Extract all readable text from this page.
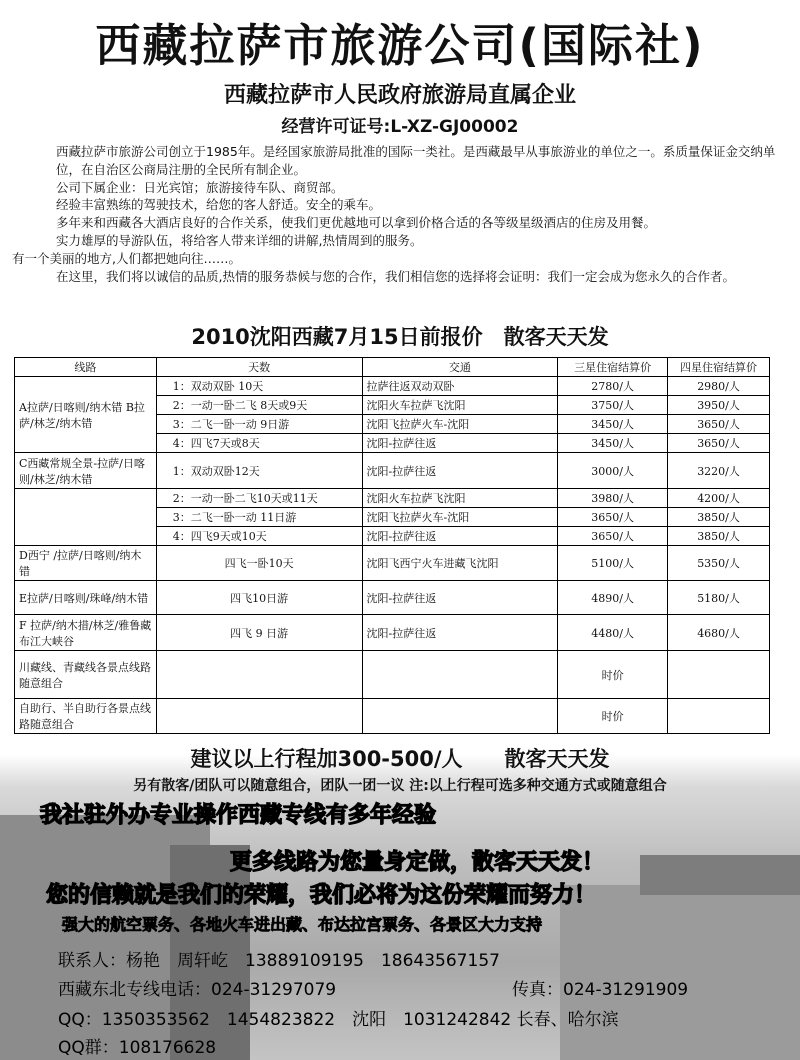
西藏拉萨市旅游公司(国际社)
西藏拉萨市人民政府旅游局直属企业
经营许可证号:L-XZ-GJ00002

西藏拉萨市旅游公司创立于1985年。是经国家旅游局批准的国际一类社。是西藏最早从事旅游业的单位之一。系质量保证金交纳单位，在自治区公商局注册的全民所有制企业。

公司下属企业：日光宾馆；旅游接待车队、商贸部。

经验丰富熟练的驾驶技术，给您的客人舒适。安全的乘车。

多年来和西藏各大酒店良好的合作关系，使我们更优越地可以拿到价格合适的各等级星级酒店的住房及用餐。

实力雄厚的导游队伍，将给客人带来详细的讲解,热情周到的服务。

有一个美丽的地方,人们都把她向往……。

在这里，我们将以诚信的品质,热情的服务恭候与您的合作，我们相信您的选择将会证明：我们一定会成为您永久的合作者。

2010沈阳西藏7月15日前报价　散客天天发
线路	天数	交通	三星住宿结算价	四星住宿结算价
A拉萨/日喀则/纳木错 B拉萨/林芝/纳木错	1：双动双卧 10天	拉萨往返双动双卧	2780/人	2980/人
	2：一动一卧二飞 8天或9天	沈阳火车拉萨飞沈阳	3750/人	3950/人
	3：二飞一卧一动 9日游	沈阳飞拉萨火车-沈阳	3450/人	3650/人
	4：四飞7天或8天	沈阳-拉萨往返	3450/人	3650/人
C西藏常规全景-拉萨/日喀则/林芝/纳木错	1：双动双卧12天	沈阳-拉萨往返	3000/人	3220/人
	2：一动一卧二飞10天或11天	沈阳火车拉萨飞沈阳	3980/人	4200/人
	3：二飞一卧一动 11日游	沈阳飞拉萨火车-沈阳	3650/人	3850/人
	4：四飞9天或10天	沈阳-拉萨往返	3650/人	3850/人
D西宁 /拉萨/日喀则/纳木错	四飞一卧10天	沈阳飞西宁火车进藏飞沈阳	5100/人	5350/人
E拉萨/日喀则/珠峰/纳木错	四飞10日游	沈阳-拉萨往返	4890/人	5180/人
F 拉萨/纳木措/林芝/雅鲁藏布江大峡谷	四飞 9 日游	沈阳-拉萨往返	4480/人	4680/人
川藏线、青藏线各景点线路随意组合			时价	
自助行、半自助行各景点线路随意组合			时价	
建议以上行程加300-500/人　　散客天天发
另有散客/团队可以随意组合，团队一团一议 注:以上行程可选多种交通方式或随意组合
我社驻外办专业操作西藏专线有多年经验
更多线路为您量身定做，散客天天发！
您的信赖就是我们的荣耀，我们必将为这份荣耀而努力！
强大的航空票务、各地火车进出藏、布达拉宫票务、各景区大力支持
联系人：杨艳　周轩屹　13889109195　18643567157
西藏东北专线电话：024-31297079	传真：024-31291909
QQ：1350353562　1454823822　沈阳　1031242842 长春、哈尔滨
QQ群：108176628
